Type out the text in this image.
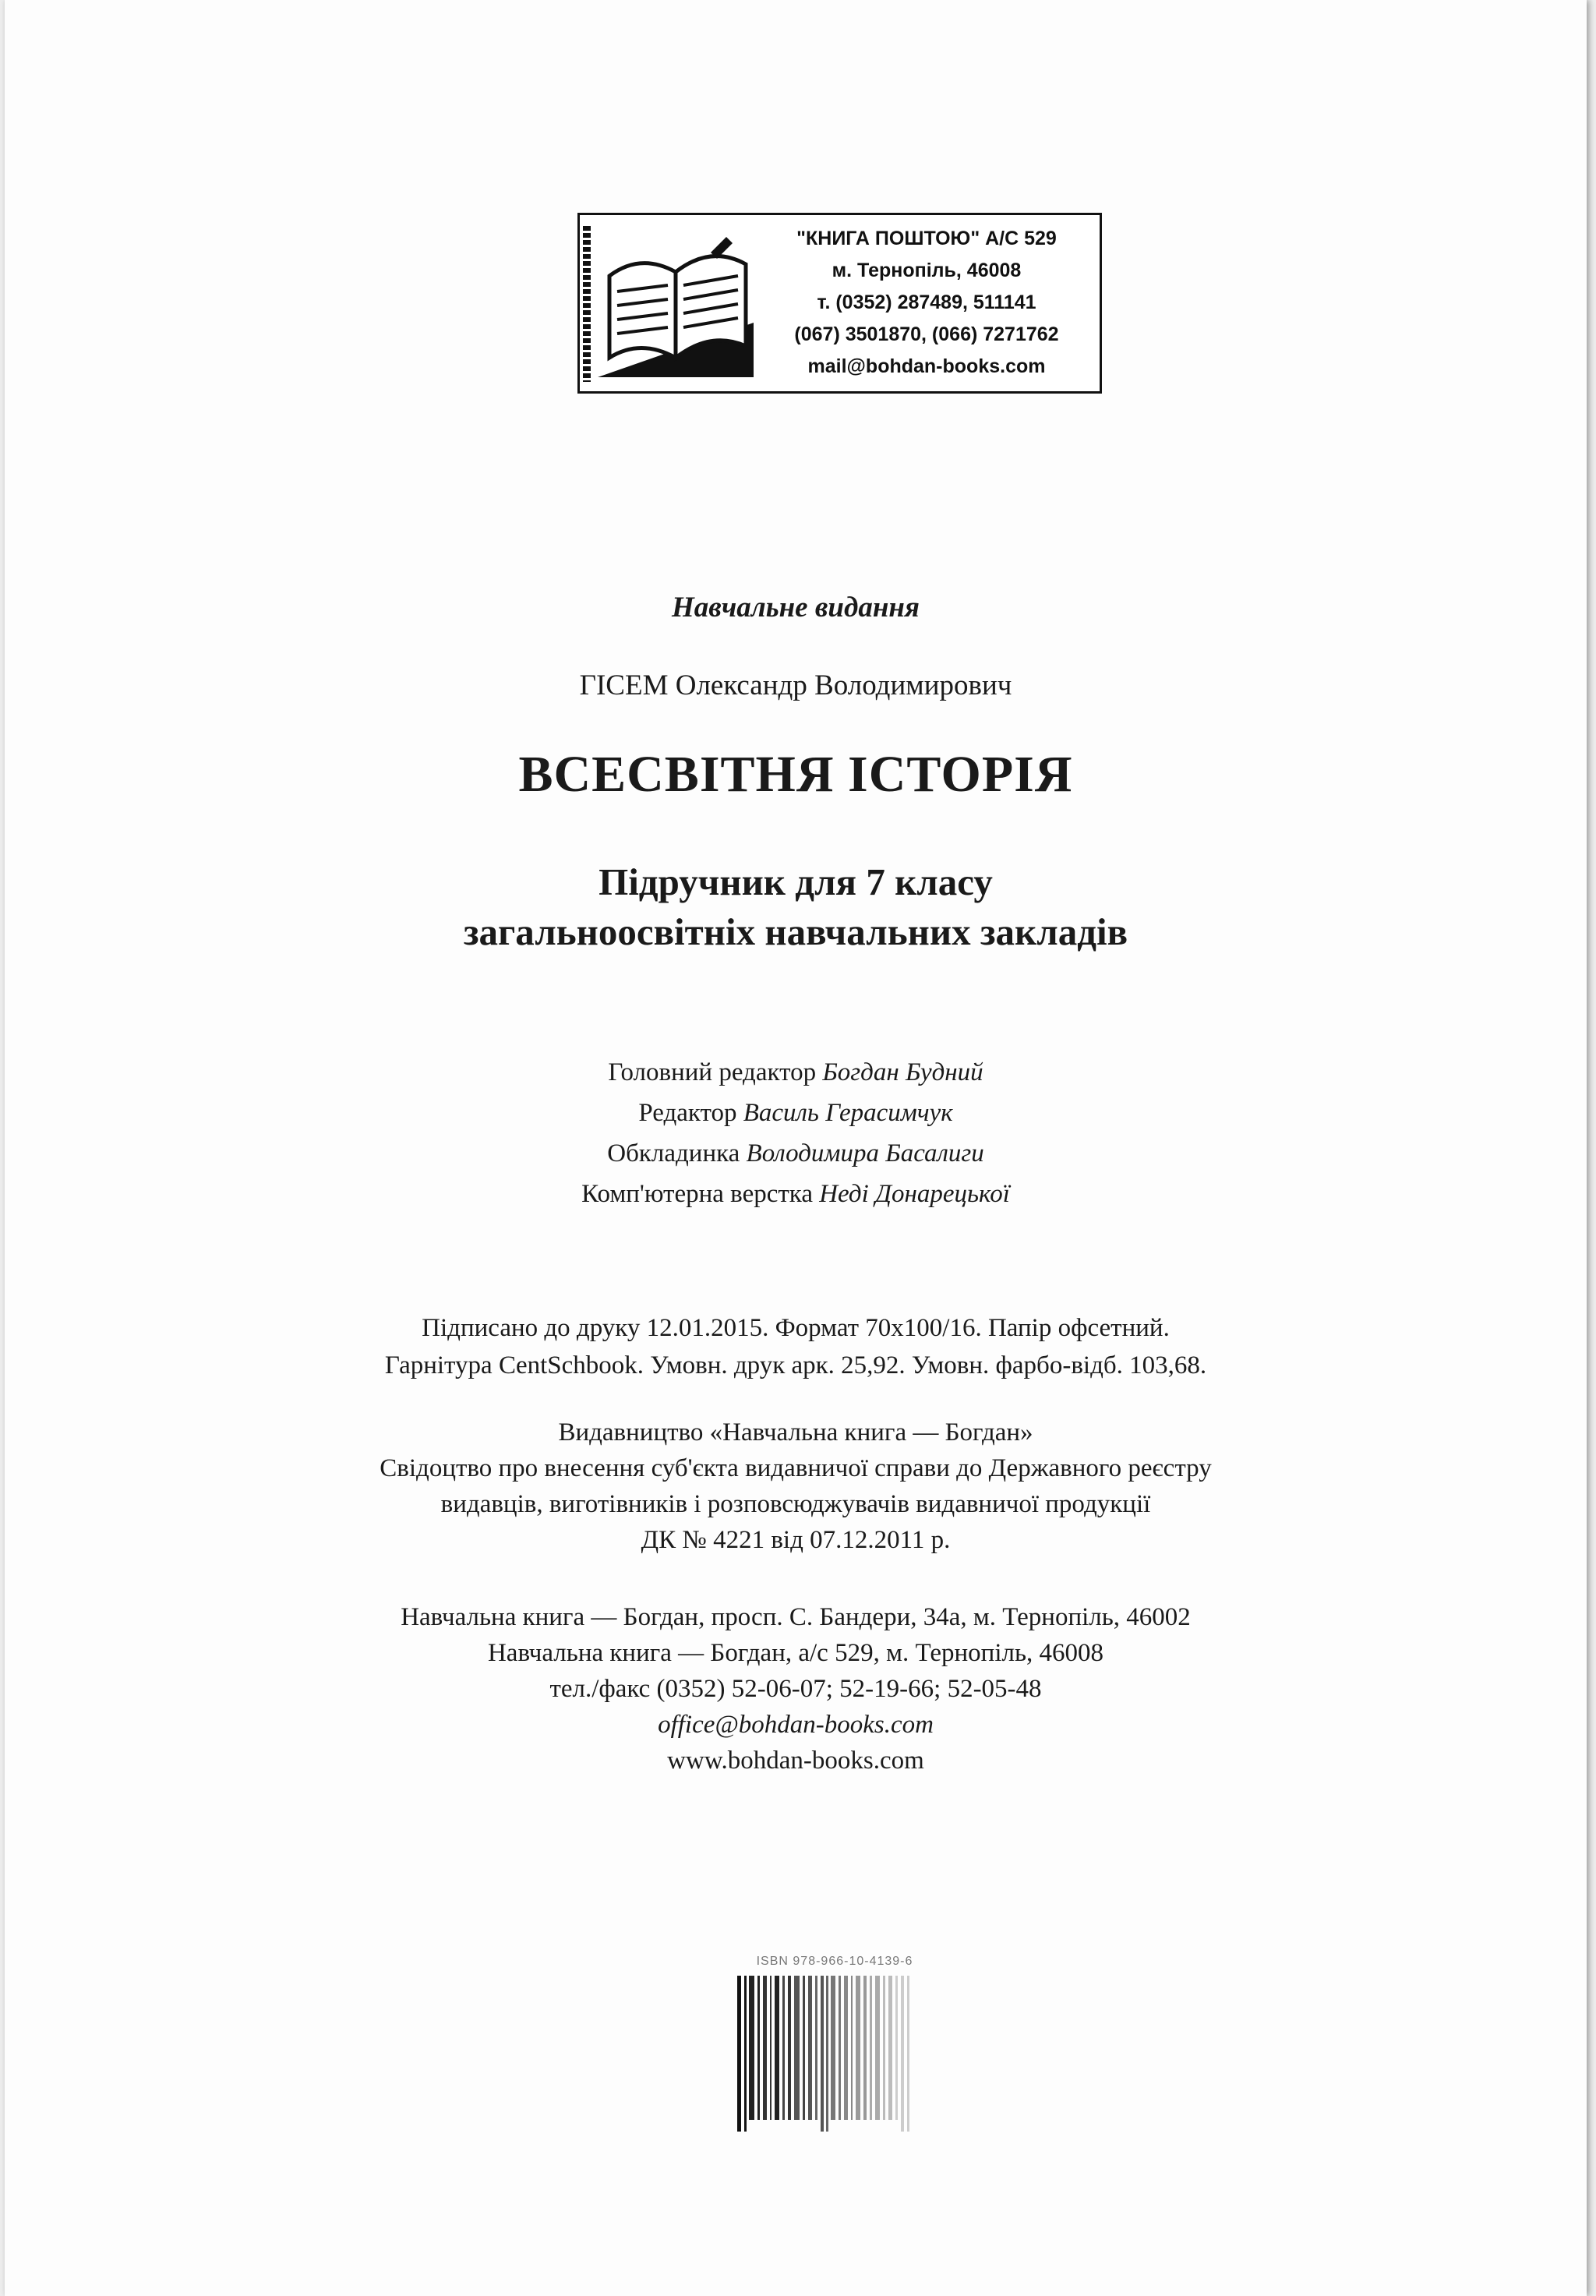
"КНИГА ПОШТОЮ" А/С 529
м. Тернопіль, 46008
т. (0352) 287489, 511141
(067) 3501870, (066) 7271762
mail@bohdan-books.com
Навчальне видання
ГІСЕМ Олександр Володимирович
ВСЕСВІТНЯ ІСТОРІЯ
Підручник для 7 класу
загальноосвітніх навчальних закладів
Головний редактор Богдан Будний
Редактор Василь Герасимчук
Обкладинка Володимира Басалиги
Комп'ютерна верстка Неді Донарецької
Підписано до друку 12.01.2015. Формат 70х100/16. Папір офсетний.
Гарнітура CentSchbook. Умовн. друк арк. 25,92. Умовн. фарбо-відб. 103,68.
Видавництво «Навчальна книга — Богдан»
Свідоцтво про внесення суб'єкта видавничої справи до Державного реєстру
видавців, виготівників і розповсюджувачів видавничої продукції
ДК № 4221 від 07.12.2011 р.
Навчальна книга — Богдан, просп. С. Бандери, 34а, м. Тернопіль, 46002
Навчальна книга — Богдан, а/с 529, м. Тернопіль, 46008
тел./факс (0352) 52-06-07; 52-19-66; 52-05-48
office@bohdan-books.com
www.bohdan-books.com
ISBN 978-966-10-4139-6
